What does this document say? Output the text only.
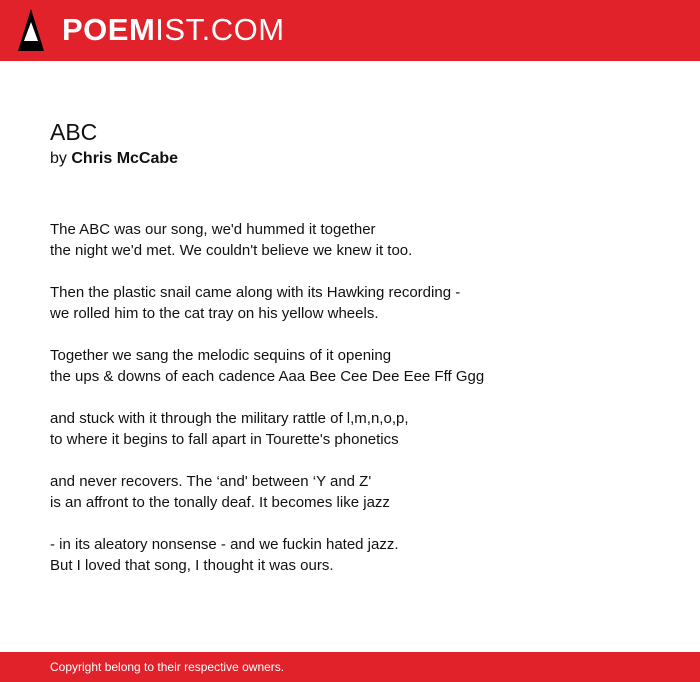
POEMIST.COM
ABC
by Chris McCabe
The ABC was our song, we'd hummed it together
the night we'd met. We couldn't believe we knew it too.
Then the plastic snail came along with its Hawking recording -
we rolled him to the cat tray on his yellow wheels.
Together we sang the melodic sequins of it opening
the ups & downs of each cadence Aaa Bee Cee Dee Eee Fff Ggg
and stuck with it through the military rattle of l,m,n,o,p,
to where it begins to fall apart in Tourette's phonetics
and never recovers. The ‘and' between ‘Y and Z'
is an affront to the tonally deaf. It becomes like jazz
- in its aleatory nonsense - and we fuckin hated jazz.
But I loved that song, I thought it was ours.
Copyright belong to their respective owners.
